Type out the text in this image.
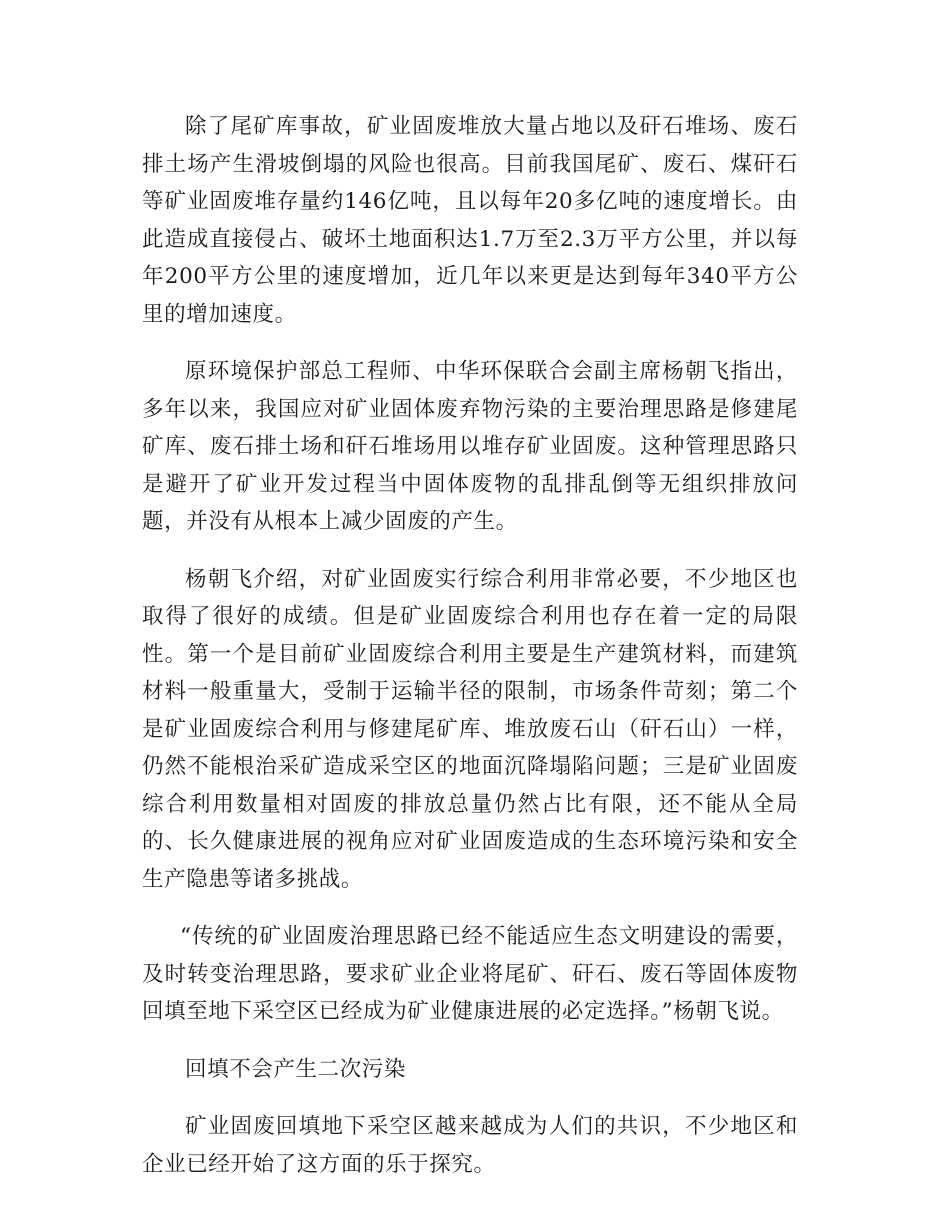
除了尾矿库事故，矿业固废堆放大量占地以及矸石堆场、废石排土场产生滑坡倒塌的风险也很高。目前我国尾矿、废石、煤矸石等矿业固废堆存量约146亿吨，且以每年20多亿吨的速度增长。由此造成直接侵占、破坏土地面积达1.7万至2.3万平方公里，并以每年200平方公里的速度增加，近几年以来更是达到每年340平方公里的增加速度。

原环境保护部总工程师、中华环保联合会副主席杨朝飞指出，多年以来，我国应对矿业固体废弃物污染的主要治理思路是修建尾矿库、废石排土场和矸石堆场用以堆存矿业固废。这种管理思路只是避开了矿业开发过程当中固体废物的乱排乱倒等无组织排放问题，并没有从根本上减少固废的产生。

杨朝飞介绍，对矿业固废实行综合利用非常必要，不少地区也取得了很好的成绩。但是矿业固废综合利用也存在着一定的局限性。第一个是目前矿业固废综合利用主要是生产建筑材料，而建筑材料一般重量大，受制于运输半径的限制，市场条件苛刻；第二个是矿业固废综合利用与修建尾矿库、堆放废石山（矸石山）一样，仍然不能根治采矿造成采空区的地面沉降塌陷问题；三是矿业固废综合利用数量相对固废的排放总量仍然占比有限，还不能从全局的、长久健康进展的视角应对矿业固废造成的生态环境污染和安全生产隐患等诸多挑战。

“传统的矿业固废治理思路已经不能适应生态文明建设的需要，及时转变治理思路，要求矿业企业将尾矿、矸石、废石等固体废物回填至地下采空区已经成为矿业健康进展的必定选择。”杨朝飞说。

回填不会产生二次污染

矿业固废回填地下采空区越来越成为人们的共识，不少地区和企业已经开始了这方面的乐于探究。
